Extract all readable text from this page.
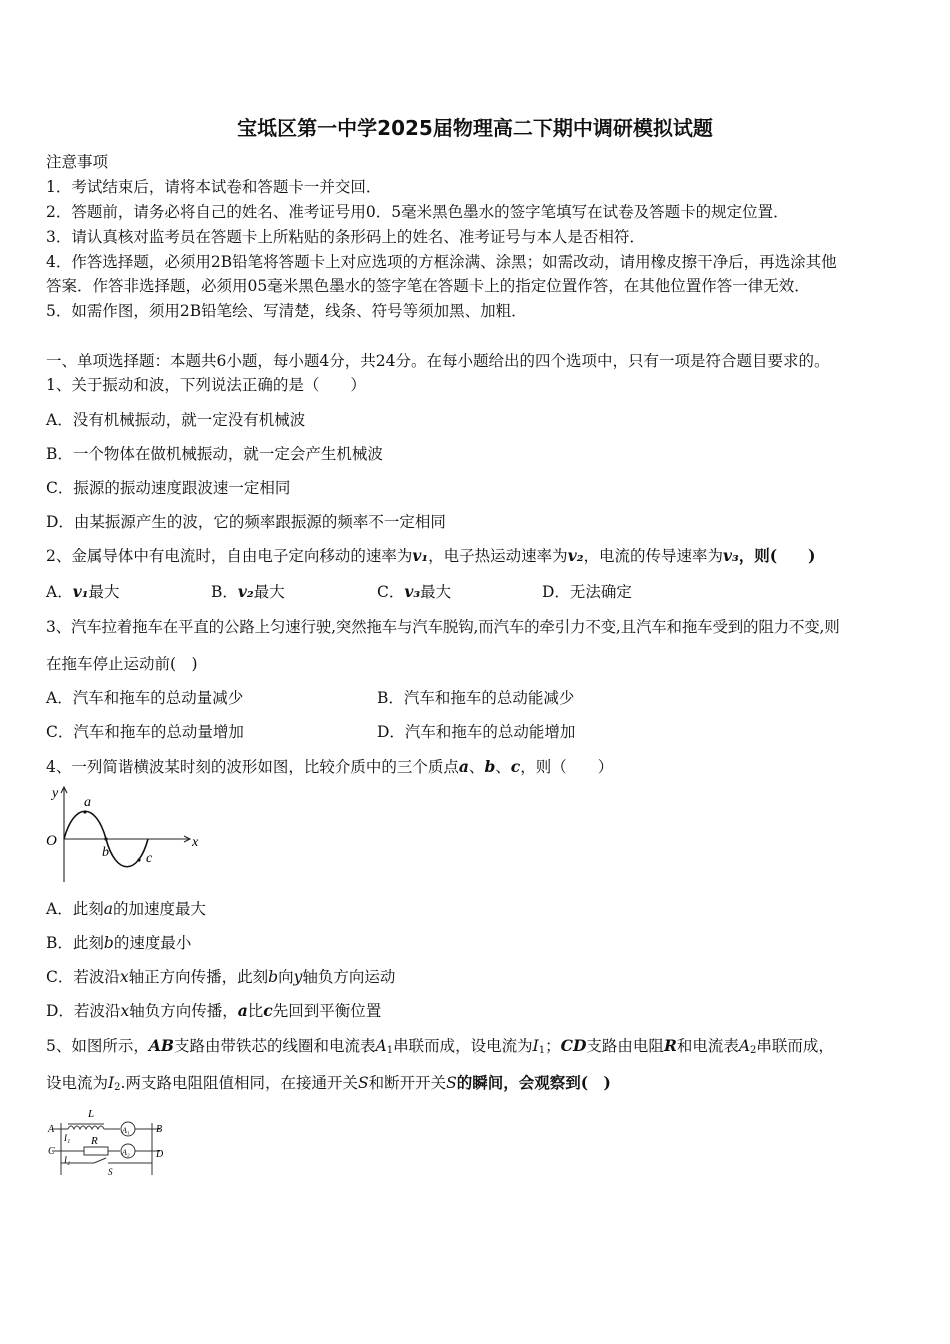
宝坻区第一中学2025届物理高二下期中调研模拟试题
注意事项
1．考试结束后，请将本试卷和答题卡一并交回．
2．答题前，请务必将自己的姓名、准考证号用0．5毫米黑色墨水的签字笔填写在试卷及答题卡的规定位置．
3．请认真核对监考员在答题卡上所粘贴的条形码上的姓名、准考证号与本人是否相符．
4．作答选择题，必须用2B铅笔将答题卡上对应选项的方框涂满、涂黑；如需改动，请用橡皮擦干净后，再选涂其他
答案．作答非选择题，必须用05毫米黑色墨水的签字笔在答题卡上的指定位置作答，在其他位置作答一律无效．
5．如需作图，须用2B铅笔绘、写清楚，线条、符号等须加黑、加粗．
一、单项选择题：本题共6小题，每小题4分，共24分。在每小题给出的四个选项中，只有一项是符合题目要求的。
1、关于振动和波，下列说法正确的是（　　）
A．没有机械振动，就一定没有机械波
B．一个物体在做机械振动，就一定会产生机械波
C．振源的振动速度跟波速一定相同
D．由某振源产生的波，它的频率跟振源的频率不一定相同
2、金属导体中有电流时，自由电子定向移动的速率为v₁，电子热运动速率为v₂，电流的传导速率为v₃，则(　　)
A．v₁最大	B．v₂最大	C．v₃最大	D．无法确定
3、汽车拉着拖车在平直的公路上匀速行驶,突然拖车与汽车脱钩,而汽车的牵引力不变,且汽车和拖车受到的阻力不变,则
在拖车停止运动前(　)
A．汽车和拖车的总动量减少	B．汽车和拖车的总动能减少
C．汽车和拖车的总动量增加	D．汽车和拖车的总动能增加
4、一列简谐横波某时刻的波形如图，比较介质中的三个质点a、b、c，则（　　）
y
x
O
a
b	c
A．此刻a的加速度最大
B．此刻b的速度最小
C．若波沿x轴正方向传播，此刻b向y轴负方向运动
D．若波沿x轴负方向传播，a比c先回到平衡位置
5、如图所示，AB支路由带铁芯的线圈和电流表$A_1$串联而成，设电流为$I_1$；CD支路由电阻R和电流表$A_2$串联而成，
设电流为$I_2$.两支路电阻阻值相同，在接通开关S和断开开关S的瞬间，会观察到(　)
L
R
A	B
C	D
I₁
I₂
A₁
A₂
S
